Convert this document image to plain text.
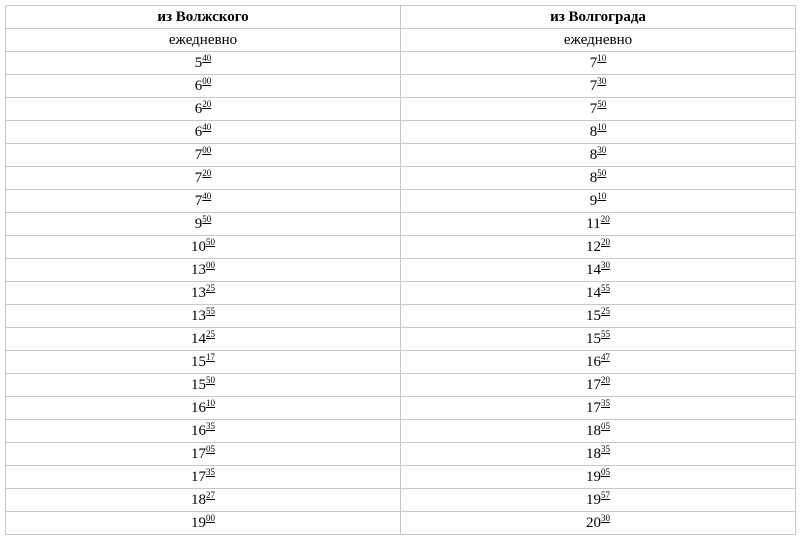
из Волжского	из Волгограда
ежедневно	ежедневно
$5^{40}$	$7^{10}$
$6^{00}$	$7^{30}$
$6^{20}$	$7^{50}$
$6^{40}$	$8^{10}$
$7^{00}$	$8^{30}$
$7^{20}$	$8^{50}$
$7^{40}$	$9^{10}$
$9^{50}$	$11^{20}$
$10^{50}$	$12^{20}$
$13^{00}$	$14^{30}$
$13^{25}$	$14^{55}$
$13^{55}$	$15^{25}$
$14^{25}$	$15^{55}$
$15^{17}$	$16^{47}$
$15^{50}$	$17^{20}$
$16^{10}$	$17^{35}$
$16^{35}$	$18^{05}$
$17^{05}$	$18^{35}$
$17^{35}$	$19^{05}$
$18^{27}$	$19^{57}$
$19^{00}$	$20^{30}$
